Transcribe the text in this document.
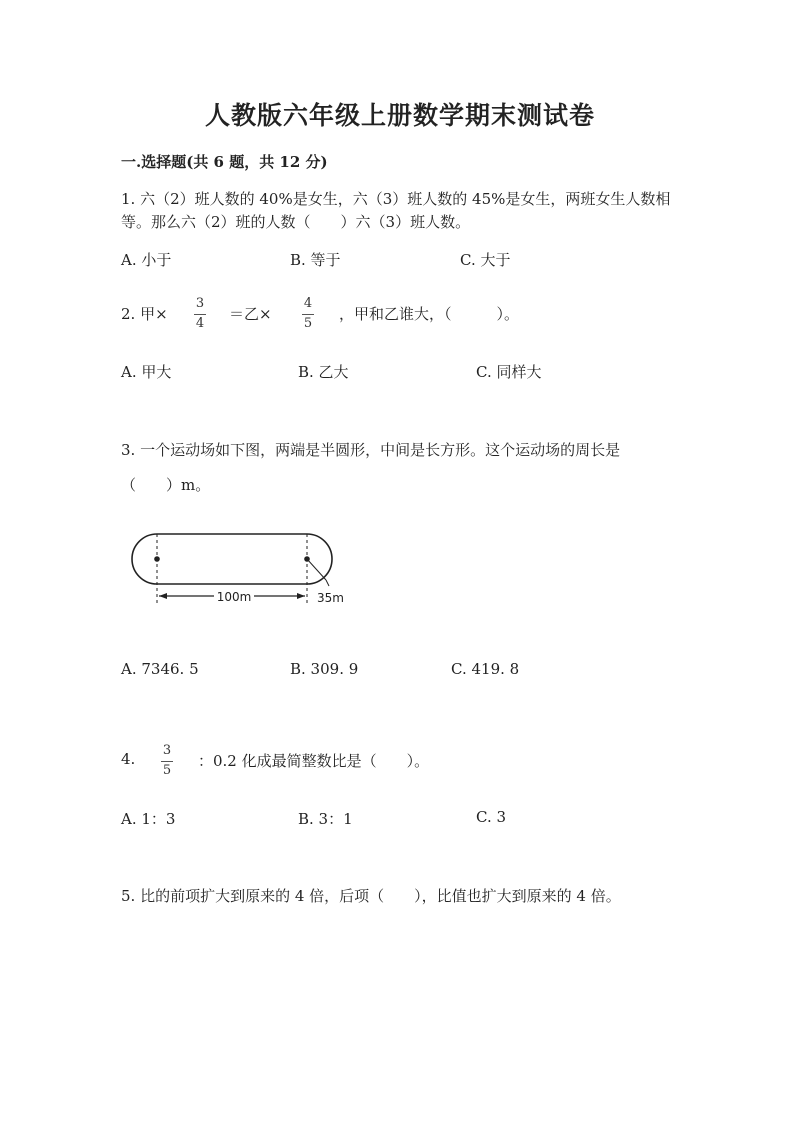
人教版六年级上册数学期末测试卷
一.选择题(共 6 题，共 12 分)
1. 六（2）班人数的 40%是女生，六（3）班人数的 45%是女生，两班女生人数相
等。那么六（2）班的人数（　　）六（3）班人数。
A. 小于	B. 等于	C. 大于
2. 甲×
3
4
＝乙×
4
5
，甲和乙谁大，（　　　）。
A. 甲大	B. 乙大	C. 同样大
3. 一个运动场如下图，两端是半圆形，中间是长方形。这个运动场的周长是
（　　）m。
100m	35m
A. 7346. 5	B. 309. 9	C. 419. 8
4.	3
5
：0.2 化成最简整数比是（　　）。
A. 1：3	B. 3：1	C. 3
5. 比的前项扩大到原来的 4 倍，后项（　　），比值也扩大到原来的 4 倍。
